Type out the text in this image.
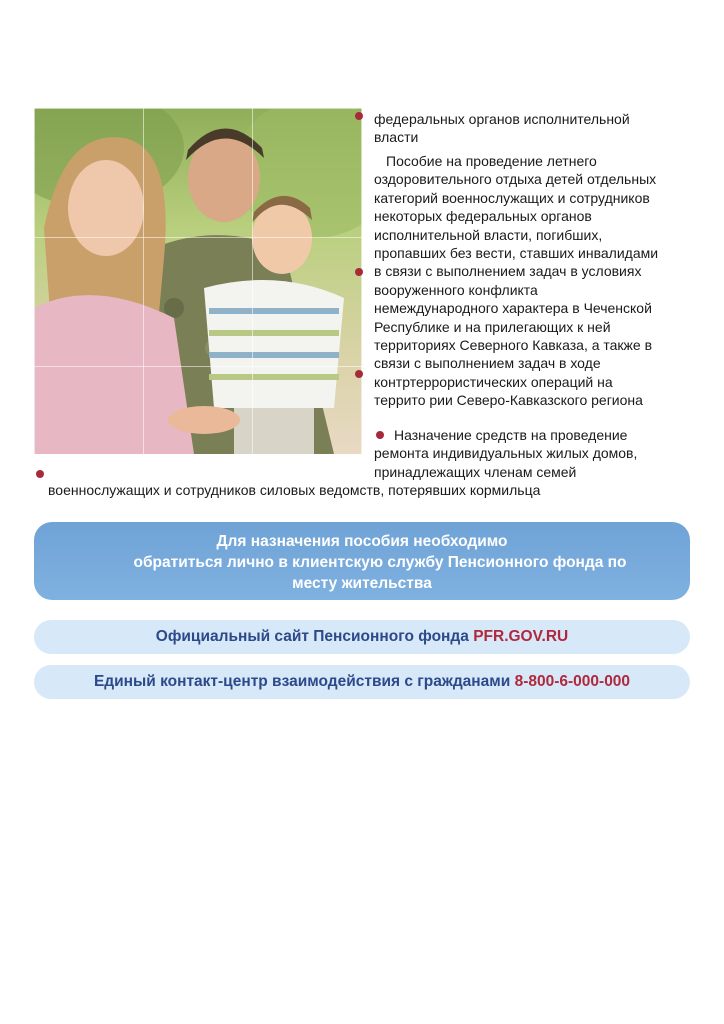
федеральных органов исполнительной
власти
Пособие на проведение летнего
оздоровительного отдыха детей отдельных
категорий военнослужащих и сотрудников
некоторых федеральных органов
исполнительной власти, погибших,
пропавших без вести, ставших инвалидами
в связи с выполнением задач в условиях
вооруженного конфликта
немеждународного характера в Чеченской
Республике и на прилегающих к ней
территориях Северного Кавказа, а также в
связи с выполнением задач в ходе
контртеррористических операций на
террито рии Северо-Кавказского региона
Назначение средств на проведение
ремонта индивидуальных жилых домов,
принадлежащих членам семей
военнослужащих и сотрудников силовых ведомств, потерявших кормильца
Для назначения пособия необходимо
обратиться лично в клиентскую службу Пенсионного фонда по
месту жительства
Официальный сайт Пенсионного фонда PFR.GOV.RU
Единый контакт-центр взаимодействия с гражданами 8-800-6-000-000
